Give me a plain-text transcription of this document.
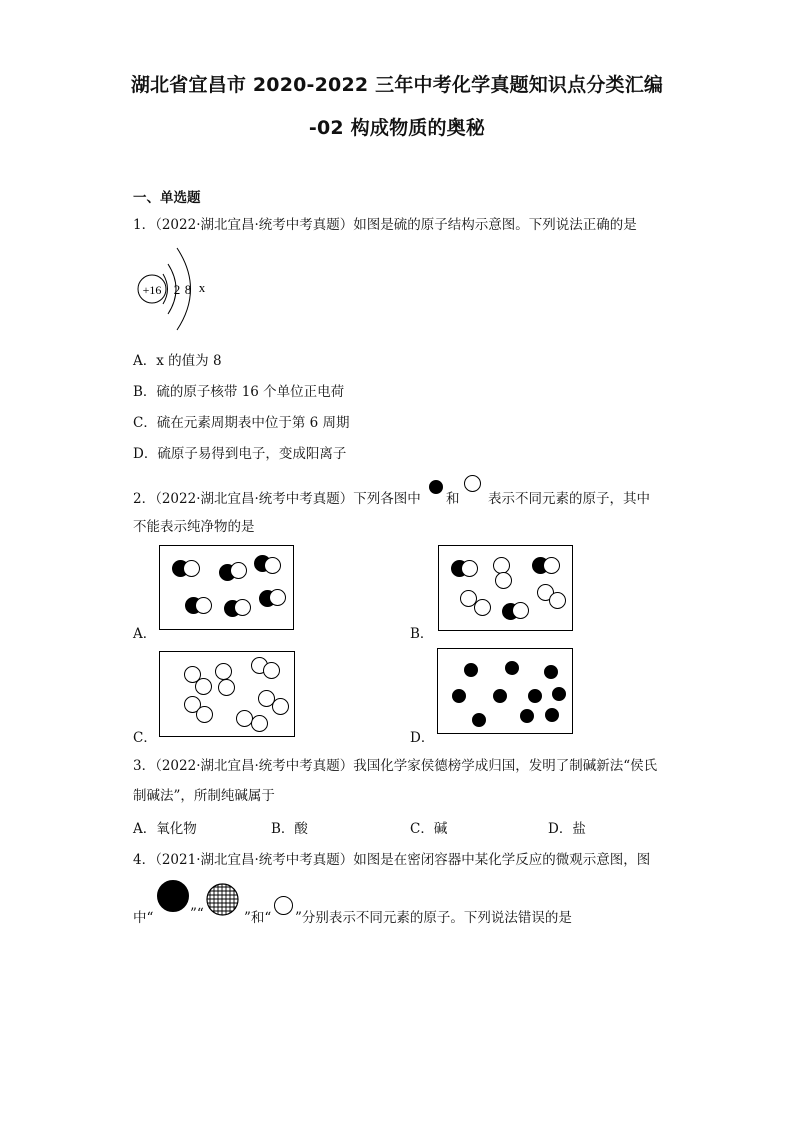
湖北省宜昌市 2020-2022 三年中考化学真题知识点分类汇编
-02 构成物质的奥秘
一、单选题
1．（2022·湖北宜昌·统考中考真题）如图是硫的原子结构示意图。下列说法正确的是
+16 2 8 x
A．x 的值为 8
B．硫的原子核带 16 个单位正电荷
C．硫在元素周期表中位于第 6 周期
D．硫原子易得到电子，变成阳离子
2．（2022·湖北宜昌·统考中考真题）下列各图中 和 表示不同元素的原子，其中
不能表示纯净物的是
A．	B．
C．	D．
3．（2022·湖北宜昌·统考中考真题）我国化学家侯德榜学成归国，发明了制碱新法“侯氏
制碱法”，所制纯碱属于
A．氧化物	B．酸	C．碱	D．盐
4．（2021·湖北宜昌·统考中考真题）如图是在密闭容器中某化学反应的微观示意图，图
中“	”“	”和“ ”分别表示不同元素的原子。下列说法错误的是
